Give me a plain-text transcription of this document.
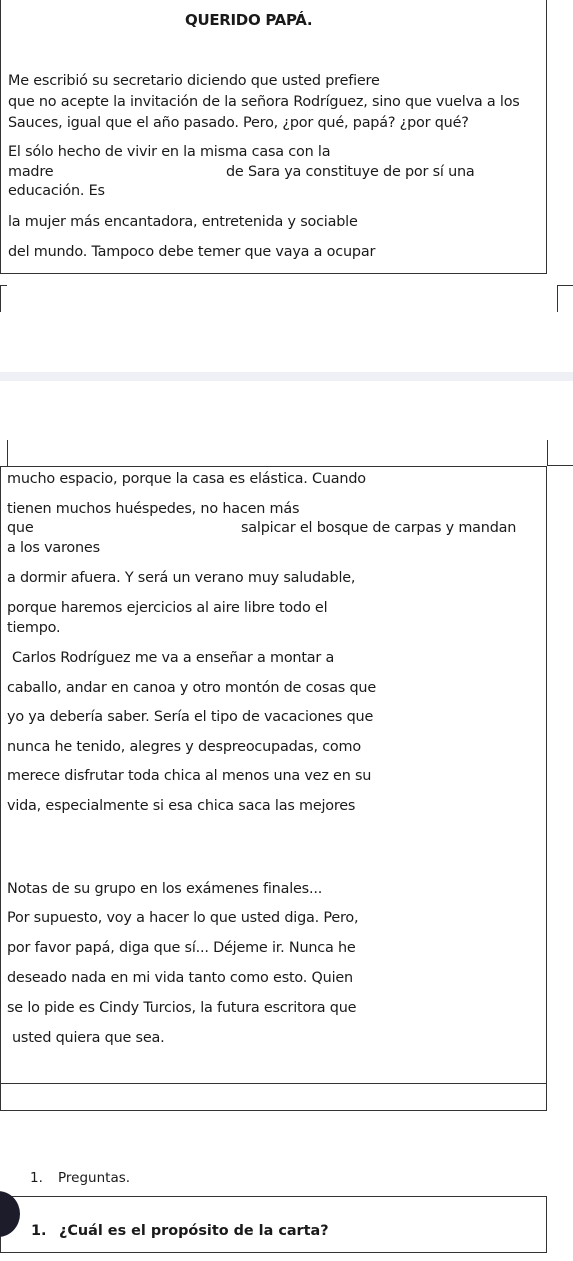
QUERIDO PAPÁ.
Me escribió su secretario diciendo que usted prefiere
que no acepte la invitación de la señora Rodríguez, sino que vuelva a los
Sauces, igual que el año pasado. Pero, ¿por qué, papá? ¿por qué?
El sólo hecho de vivir en la misma casa con la
madre	de Sara ya constituye de por sí una
educación. Es
la mujer más encantadora, entretenida y sociable
del mundo. Tampoco debe temer que vaya a ocupar
mucho espacio, porque la casa es elástica. Cuando
tienen muchos huéspedes, no hacen más
que	salpicar el bosque de carpas y mandan
a los varones
a dormir afuera. Y será un verano muy saludable,
porque haremos ejercicios al aire libre todo el
tiempo.
Carlos Rodríguez me va a enseñar a montar a
caballo, andar en canoa y otro montón de cosas que
yo ya debería saber. Sería el tipo de vacaciones que
nunca he tenido, alegres y despreocupadas, como
merece disfrutar toda chica al menos una vez en su
vida, especialmente si esa chica saca las mejores
Notas de su grupo en los exámenes finales...
Por supuesto, voy a hacer lo que usted diga. Pero,
por favor papá, diga que sí... Déjeme ir. Nunca he
deseado nada en mi vida tanto como esto. Quien
se lo pide es Cindy Turcios, la futura escritora que
usted quiera que sea.
1. Preguntas.
1. ¿Cuál es el propósito de la carta?
